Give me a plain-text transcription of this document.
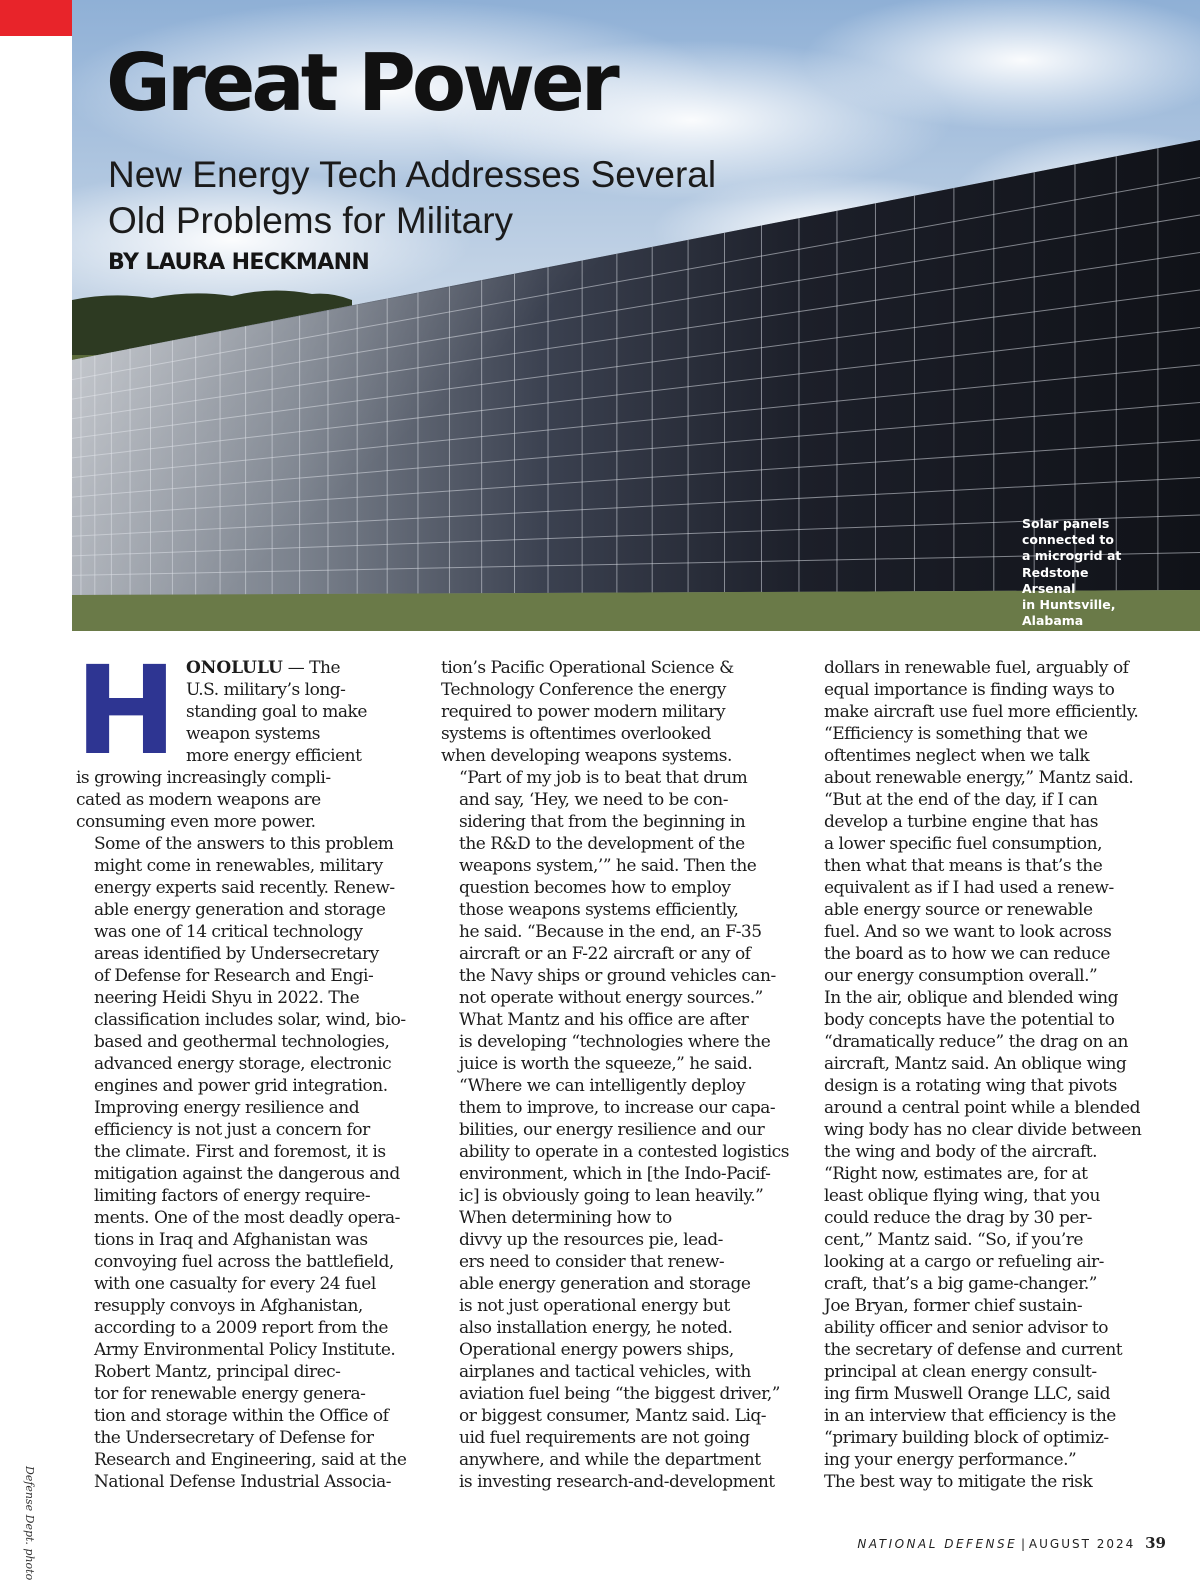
Great Power
New Energy Tech Addresses Several
Old Problems for Military
BY LAURA HECKMANN
Solar panels
connected to
a microgrid at
Redstone Arsenal
in Huntsville,
Alabama
H ONOLULU — The
U.S. military’s long-
standing goal to make
weapon systems
more energy efficient
is growing increasingly compli-
cated as modern weapons are
consuming even more power.

Some of the answers to this problem
might come in renewables, military
energy experts said recently. Renew-
able energy generation and storage
was one of 14 critical technology
areas identified by Undersecretary
of Defense for Research and Engi-
neering Heidi Shyu in 2022. The
classification includes solar, wind, bio-
based and geothermal technologies,
advanced energy storage, electronic
engines and power grid integration.

Improving energy resilience and
efficiency is not just a concern for
the climate. First and foremost, it is
mitigation against the dangerous and
limiting factors of energy require-
ments. One of the most deadly opera-
tions in Iraq and Afghanistan was
convoying fuel across the battlefield,
with one casualty for every 24 fuel
resupply convoys in Afghanistan,
according to a 2009 report from the
Army Environmental Policy Institute.

Robert Mantz, principal direc-
tor for renewable energy genera-
tion and storage within the Office of
the Undersecretary of Defense for
Research and Engineering, said at the
National Defense Industrial Associa-

tion’s Pacific Operational Science &
Technology Conference the energy
required to power modern military
systems is oftentimes overlooked
when developing weapons systems.

“Part of my job is to beat that drum
and say, ‘Hey, we need to be con-
sidering that from the beginning in
the R&D to the development of the
weapons system,’” he said. Then the
question becomes how to employ
those weapons systems efficiently,
he said. “Because in the end, an F-35
aircraft or an F-22 aircraft or any of
the Navy ships or ground vehicles can-
not operate without energy sources.”

What Mantz and his office are after
is developing “technologies where the
juice is worth the squeeze,” he said.
“Where we can intelligently deploy
them to improve, to increase our capa-
bilities, our energy resilience and our
ability to operate in a contested logistics
environment, which in [the Indo-Pacif-
ic] is obviously going to lean heavily.”

When determining how to
divvy up the resources pie, lead-
ers need to consider that renew-
able energy generation and storage
is not just operational energy but
also installation energy, he noted.

Operational energy powers ships,
airplanes and tactical vehicles, with
aviation fuel being “the biggest driver,”
or biggest consumer, Mantz said. Liq-
uid fuel requirements are not going
anywhere, and while the department
is investing research-and-development

dollars in renewable fuel, arguably of
equal importance is finding ways to
make aircraft use fuel more efficiently.

“Efficiency is something that we
oftentimes neglect when we talk
about renewable energy,” Mantz said.
“But at the end of the day, if I can
develop a turbine engine that has
a lower specific fuel consumption,
then what that means is that’s the
equivalent as if I had used a renew-
able energy source or renewable
fuel. And so we want to look across
the board as to how we can reduce
our energy consumption overall.”

In the air, oblique and blended wing
body concepts have the potential to
“dramatically reduce” the drag on an
aircraft, Mantz said. An oblique wing
design is a rotating wing that pivots
around a central point while a blended
wing body has no clear divide between
the wing and body of the aircraft.

“Right now, estimates are, for at
least oblique flying wing, that you
could reduce the drag by 30 per-
cent,” Mantz said. “So, if you’re
looking at a cargo or refueling air-
craft, that’s a big game-changer.”

Joe Bryan, former chief sustain-
ability officer and senior advisor to
the secretary of defense and current
principal at clean energy consult-
ing firm Muswell Orange LLC, said
in an interview that efficiency is the
“primary building block of optimiz-
ing your energy performance.”

The best way to mitigate the risk

Defense Dept. photo	NATIONAL DEFENSE | AUGUST 2024 39
